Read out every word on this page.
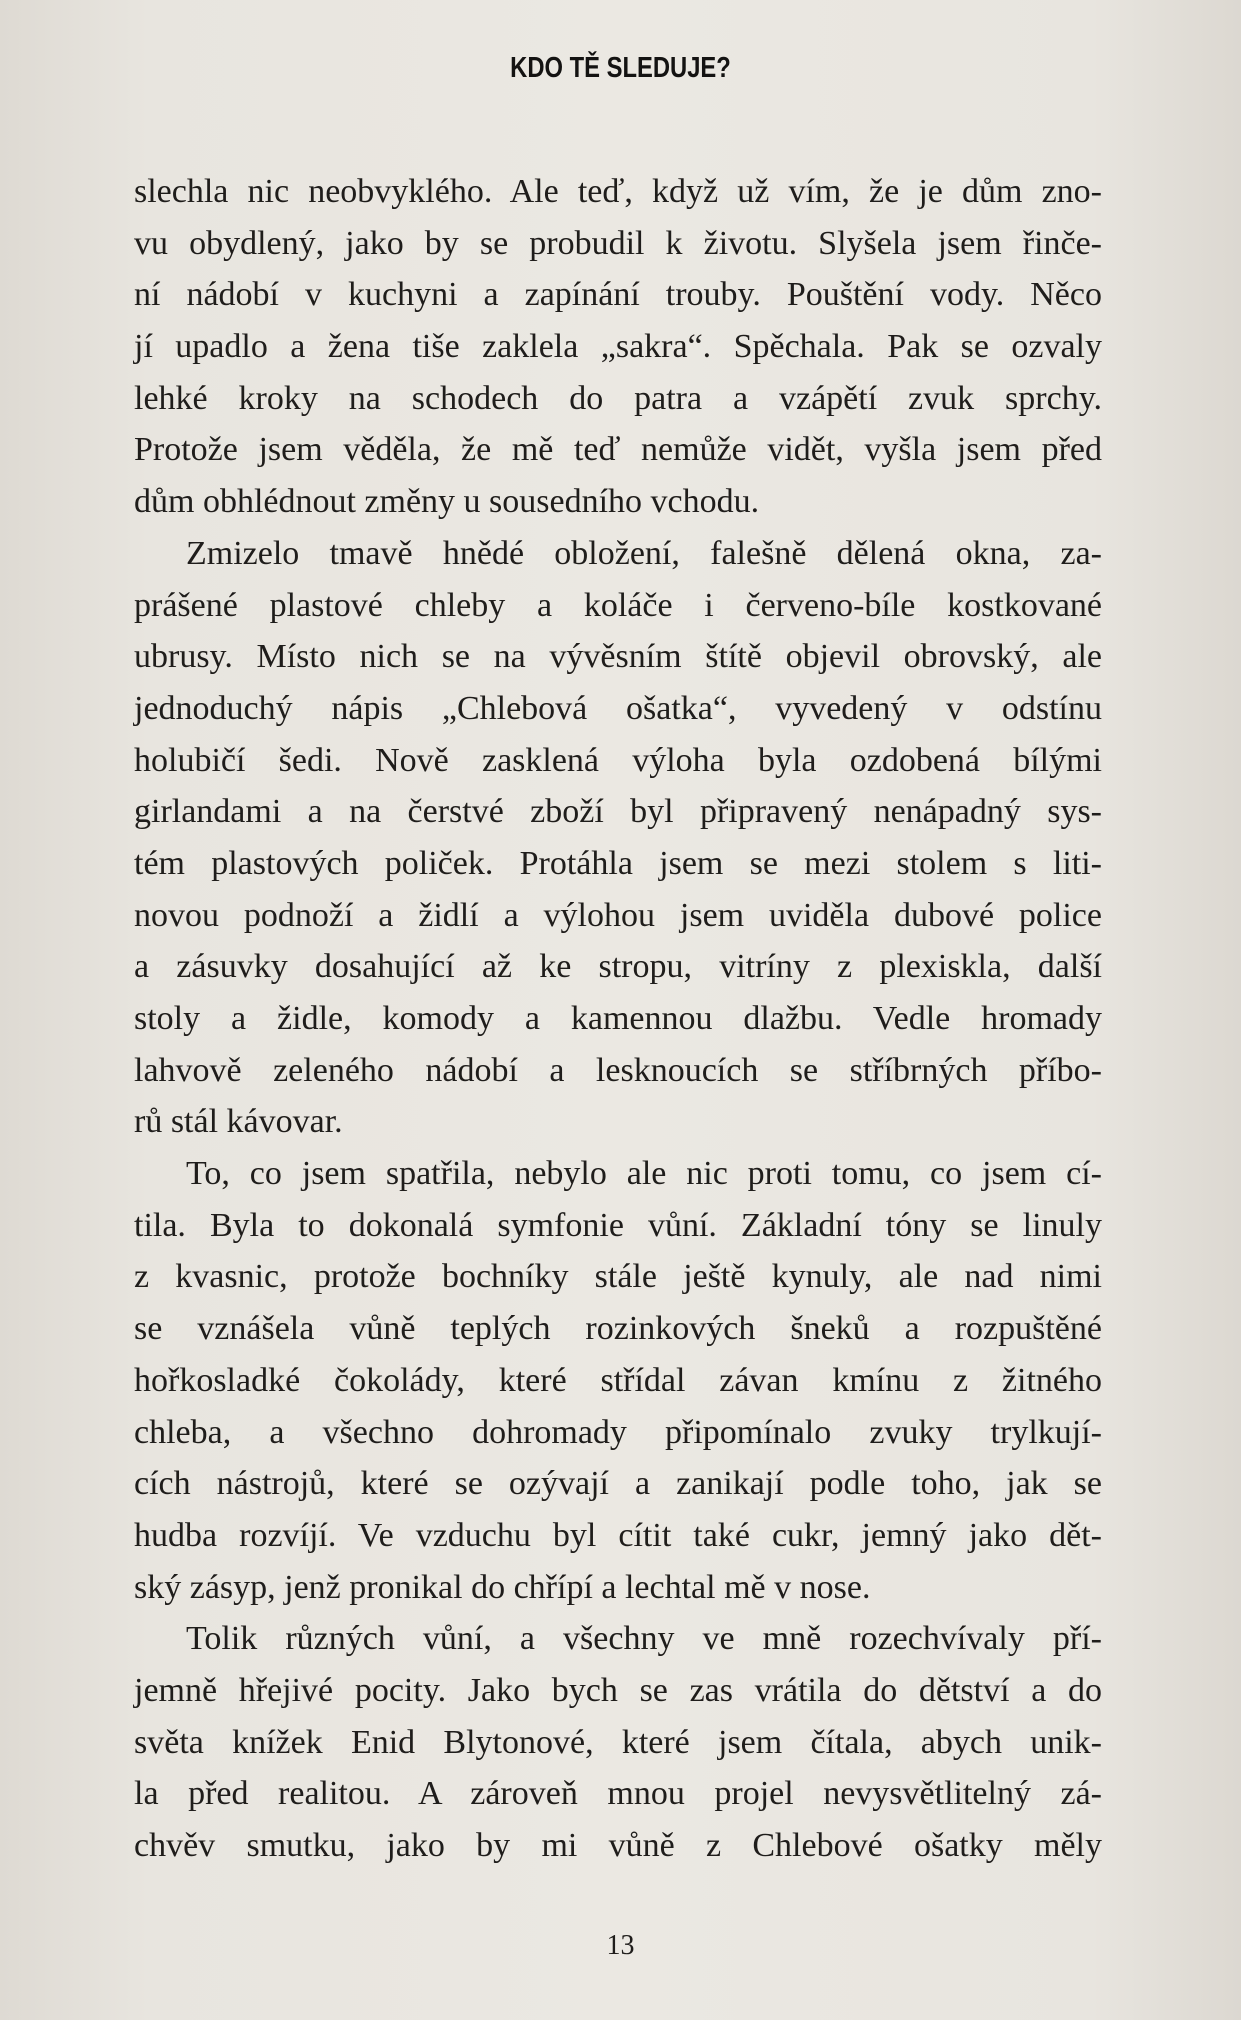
KDO TĚ SLEDUJE?
slechla nic neobvyklého. Ale teď, když už vím, že je dům zno-
vu obydlený, jako by se probudil k životu. Slyšela jsem řinče-
ní nádobí v kuchyni a zapínání trouby. Pouštění vody. Něco
jí upadlo a žena tiše zaklela „sakra“. Spěchala. Pak se ozvaly
lehké kroky na schodech do patra a vzápětí zvuk sprchy.
Protože jsem věděla, že mě teď nemůže vidět, vyšla jsem před
dům obhlédnout změny u sousedního vchodu.
Zmizelo tmavě hnědé obložení, falešně dělená okna, za-
prášené plastové chleby a koláče i červeno-bíle kostkované
ubrusy. Místo nich se na vývěsním štítě objevil obrovský, ale
jednoduchý nápis „Chlebová ošatka“, vyvedený v odstínu
holubičí šedi. Nově zasklená výloha byla ozdobená bílými
girlandami a na čerstvé zboží byl připravený nenápadný sys-
tém plastových poliček. Protáhla jsem se mezi stolem s liti-
novou podnoží a židlí a výlohou jsem uviděla dubové police
a zásuvky dosahující až ke stropu, vitríny z plexiskla, další
stoly a židle, komody a kamennou dlažbu. Vedle hromady
lahvově zeleného nádobí a lesknoucích se stříbrných příbo-
rů stál kávovar.
To, co jsem spatřila, nebylo ale nic proti tomu, co jsem cí-
tila. Byla to dokonalá symfonie vůní. Základní tóny se linuly
z kvasnic, protože bochníky stále ještě kynuly, ale nad nimi
se vznášela vůně teplých rozinkových šneků a rozpuštěné
hořkosladké čokolády, které střídal závan kmínu z žitného
chleba, a všechno dohromady připomínalo zvuky trylkují-
cích nástrojů, které se ozývají a zanikají podle toho, jak se
hudba rozvíjí. Ve vzduchu byl cítit také cukr, jemný jako dět-
ský zásyp, jenž pronikal do chřípí a lechtal mě v nose.
Tolik různých vůní, a všechny ve mně rozechvívaly pří-
jemně hřejivé pocity. Jako bych se zas vrátila do dětství a do
světa knížek Enid Blytonové, které jsem čítala, abych unik-
la před realitou. A zároveň mnou projel nevysvětlitelný zá-
chvěv smutku, jako by mi vůně z Chlebové ošatky měly
13
